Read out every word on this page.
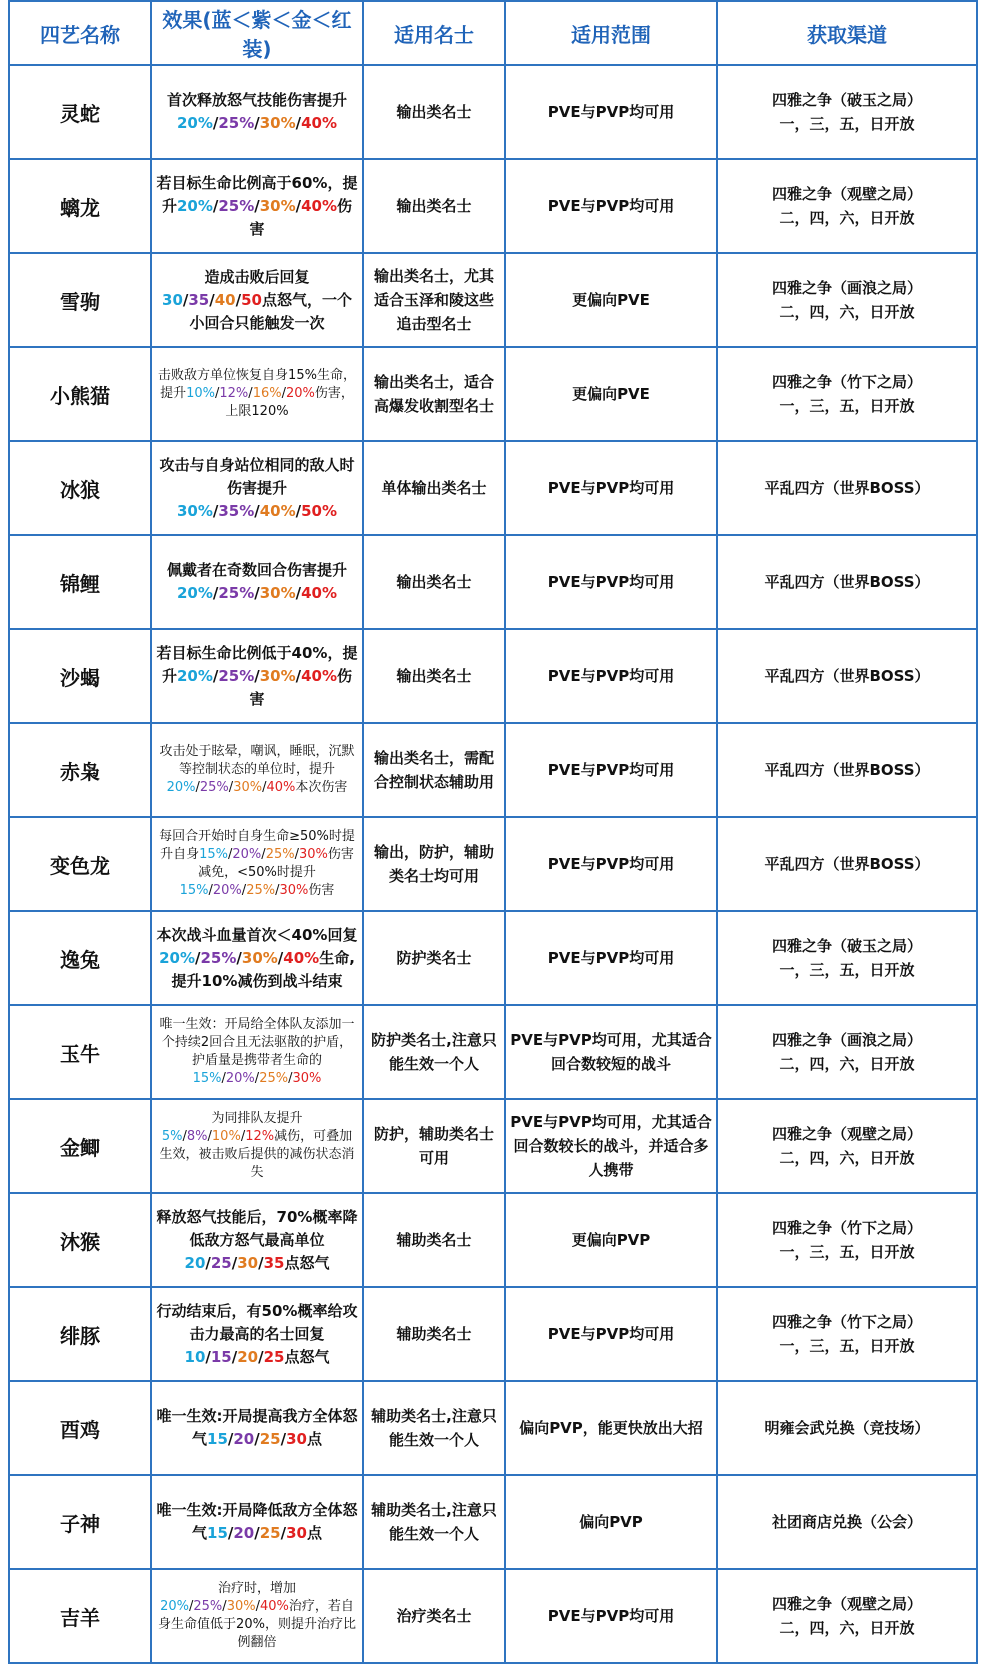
四艺名称	效果(蓝＜紫＜金＜红装)	适用名士	适用范围	获取渠道
灵蛇	首次释放怒气技能伤害提升20%/25%/30%/40%	输出类名士	PVE与PVP均可用	四雅之争（破玉之局）
一，三，五，日开放
螭龙	若目标生命比例高于60%，提升20%/25%/30%/40%伤害	输出类名士	PVE与PVP均可用	四雅之争（观壁之局）
二，四，六，日开放
雪驹	造成击败后回复30/35/40/50点怒气，一个小回合只能触发一次	输出类名士，尤其适合玉泽和陵这些追击型名士	更偏向PVE	四雅之争（画浪之局）
二，四，六，日开放
小熊猫	击败敌方单位恢复自身15%生命，提升10%/12%/16%/20%伤害，上限120%	输出类名士，适合高爆发收割型名士	更偏向PVE	四雅之争（竹下之局）
一，三，五，日开放
冰狼	攻击与自身站位相同的敌人时伤害提升30%/35%/40%/50%	单体输出类名士	PVE与PVP均可用	平乱四方（世界BOSS）
锦鲤	佩戴者在奇数回合伤害提升20%/25%/30%/40%	输出类名士	PVE与PVP均可用	平乱四方（世界BOSS）
沙蝎	若目标生命比例低于40%，提升20%/25%/30%/40%伤害	输出类名士	PVE与PVP均可用	平乱四方（世界BOSS）
赤枭	攻击处于眩晕，嘲讽，睡眠，沉默等控制状态的单位时，提升20%/25%/30%/40%本次伤害	输出类名士，需配合控制状态辅助用	PVE与PVP均可用	平乱四方（世界BOSS）
变色龙	每回合开始时自身生命≥50%时提升自身15%/20%/25%/30%伤害减免，<50%时提升15%/20%/25%/30%伤害	输出，防护，辅助类名士均可用	PVE与PVP均可用	平乱四方（世界BOSS）
逸兔	本次战斗血量首次＜40%回复20%/25%/30%/40%生命,提升10%减伤到战斗结束	防护类名士	PVE与PVP均可用	四雅之争（破玉之局）
一，三，五，日开放
玉牛	唯一生效：开局给全体队友添加一个持续2回合且无法驱散的护盾，护盾量是携带者生命的15%/20%/25%/30%	防护类名士,注意只能生效一个人	PVE与PVP均可用，尤其适合回合数较短的战斗	四雅之争（画浪之局）
二，四，六，日开放
金鲫	为同排队友提升5%/8%/10%/12%减伤，可叠加生效，被击败后提供的减伤状态消失	防护，辅助类名士可用	PVE与PVP均可用，尤其适合回合数较长的战斗，并适合多人携带	四雅之争（观壁之局）
二，四，六，日开放
沐猴	释放怒气技能后，70%概率降低敌方怒气最高单位20/25/30/35点怒气	辅助类名士	更偏向PVP	四雅之争（竹下之局）
一，三，五，日开放
绯豚	行动结束后，有50%概率给攻击力最高的名士回复10/15/20/25点怒气	辅助类名士	PVE与PVP均可用	四雅之争（竹下之局）
一，三，五，日开放
酉鸡	唯一生效:开局提高我方全体怒气15/20/25/30点	辅助类名士,注意只能生效一个人	偏向PVP，能更快放出大招	明雍会武兑换（竞技场）
子神	唯一生效:开局降低敌方全体怒气15/20/25/30点	辅助类名士,注意只能生效一个人	偏向PVP	社团商店兑换（公会）
吉羊	治疗时，增加20%/25%/30%/40%治疗，若自身生命值低于20%，则提升治疗比例翻倍	治疗类名士	PVE与PVP均可用	四雅之争（观壁之局）
二，四，六，日开放
